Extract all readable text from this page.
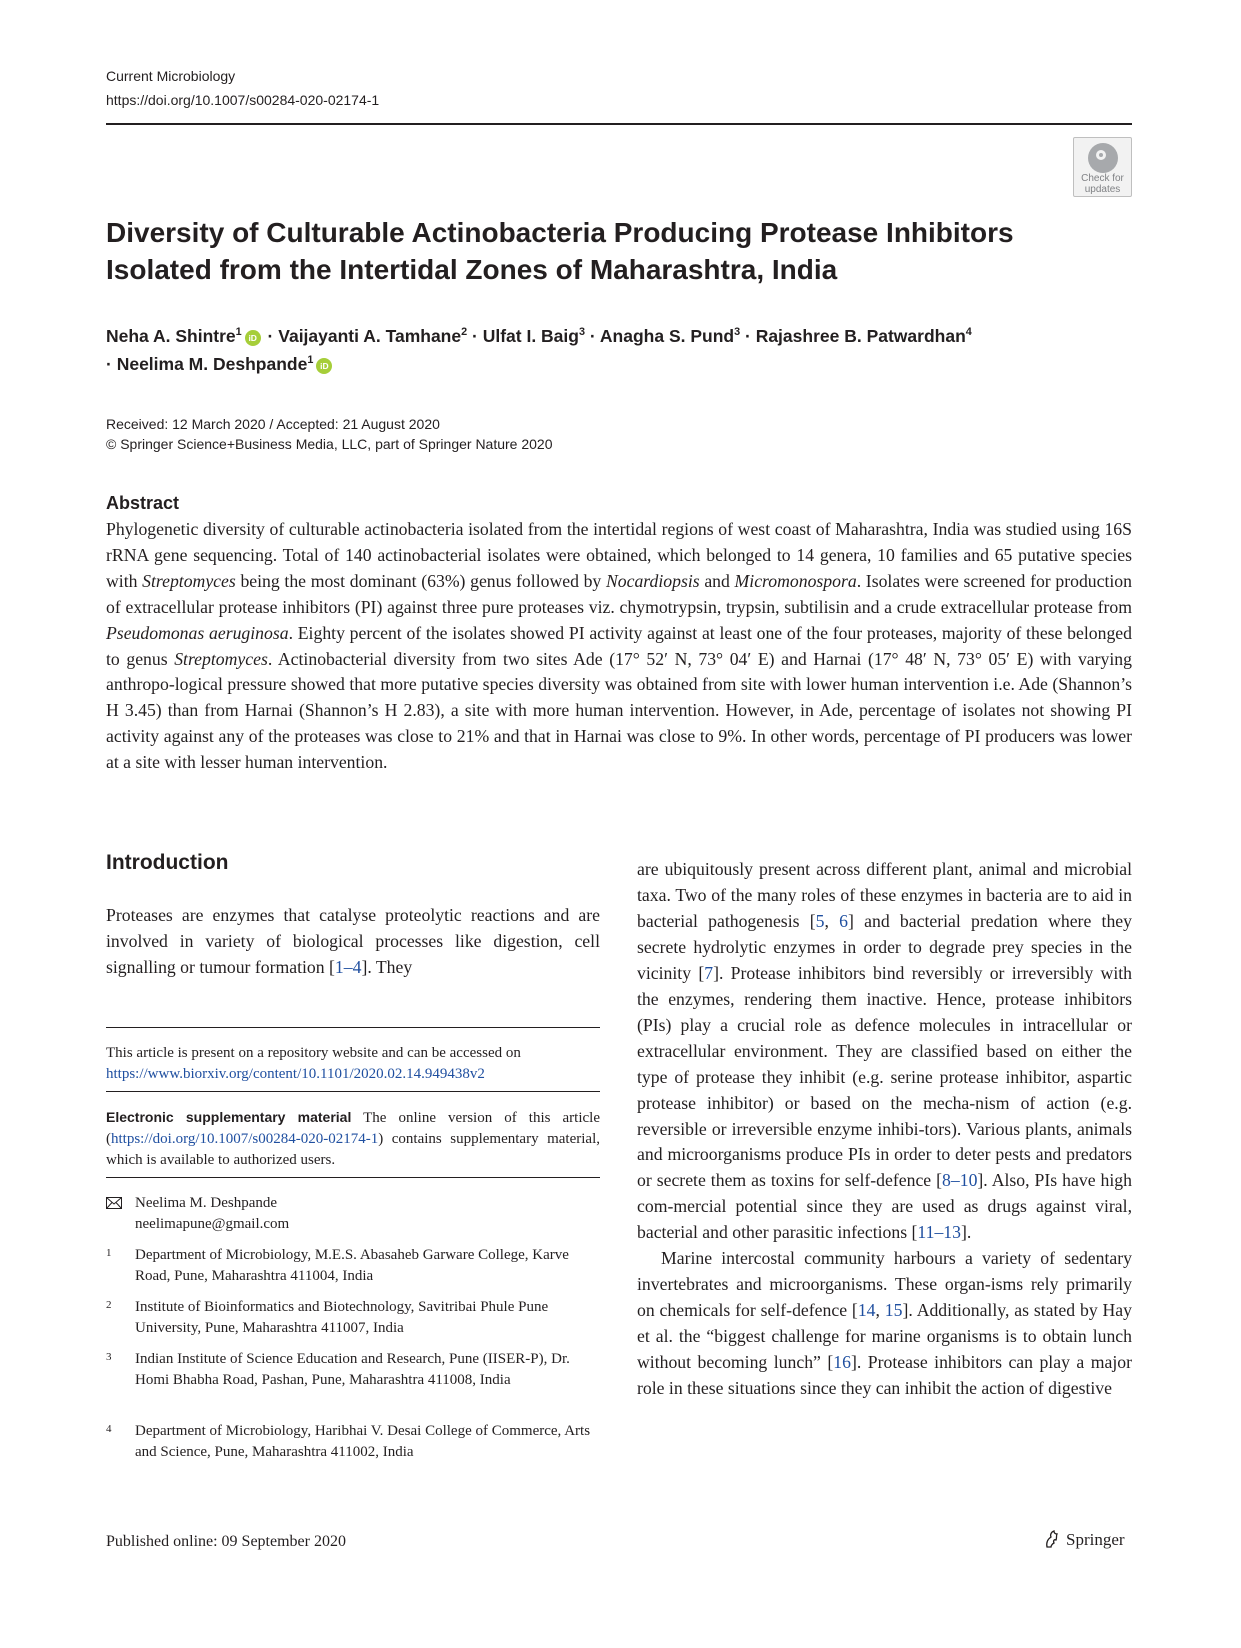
Current Microbiology
https://doi.org/10.1007/s00284-020-02174-1
Check for
updates
Diversity of Culturable Actinobacteria Producing Protease Inhibitors Isolated from the Intertidal Zones of Maharashtra, India
Neha A. Shintre$^1$ iD · Vaijayanti A. Tamhane$^2$ · Ulfat I. Baig$^3$ · Anagha S. Pund$^3$ · Rajashree B. Patwardhan$^4$
· Neelima M. Deshpande$^1$ iD
Received: 12 March 2020 / Accepted: 21 August 2020
© Springer Science+Business Media, LLC, part of Springer Nature 2020
Abstract

Phylogenetic diversity of culturable actinobacteria isolated from the intertidal regions of west coast of Maharashtra, India was studied using 16S rRNA gene sequencing. Total of 140 actinobacterial isolates were obtained, which belonged to 14 genera, 10 families and 65 putative species with Streptomyces being the most dominant (63%) genus followed by Nocardiopsis and Micromonospora. Isolates were screened for production of extracellular protease inhibitors (PI) against three pure proteases viz. chymotrypsin, trypsin, subtilisin and a crude extracellular protease from Pseudomonas aeruginosa. Eighty percent of the isolates showed PI activity against at least one of the four proteases, majority of these belonged to genus Streptomyces. Actinobacterial diversity from two sites Ade (17° 52′ N, 73° 04′ E) and Harnai (17° 48′ N, 73° 05′ E) with varying anthropo-logical pressure showed that more putative species diversity was obtained from site with lower human intervention i.e. Ade (Shannon’s H 3.45) than from Harnai (Shannon’s H 2.83), a site with more human intervention. However, in Ade, percentage of isolates not showing PI activity against any of the proteases was close to 21% and that in Harnai was close to 9%. In other words, percentage of PI producers was lower at a site with lesser human intervention.

Introduction

Proteases are enzymes that catalyse proteolytic reactions and are involved in variety of biological processes like digestion, cell signalling or tumour formation [1–4]. They

are ubiquitously present across different plant, animal and microbial taxa. Two of the many roles of these enzymes in bacteria are to aid in bacterial pathogenesis [5, 6] and bacterial predation where they secrete hydrolytic enzymes in order to degrade prey species in the vicinity [7]. Protease inhibitors bind reversibly or irreversibly with the enzymes, rendering them inactive. Hence, protease inhibitors (PIs) play a crucial role as defence molecules in intracellular or extracellular environment. They are classified based on either the type of protease they inhibit (e.g. serine protease inhibitor, aspartic protease inhibitor) or based on the mecha-nism of action (e.g. reversible or irreversible enzyme inhibi-tors). Various plants, animals and microorganisms produce PIs in order to deter pests and predators or secrete them as toxins for self-defence [8–10]. Also, PIs have high com-mercial potential since they are used as drugs against viral, bacterial and other parasitic infections [11–13].

Marine intercostal community harbours a variety of sedentary invertebrates and microorganisms. These organ-isms rely primarily on chemicals for self-defence [14, 15]. Additionally, as stated by Hay et al. the “biggest challenge for marine organisms is to obtain lunch without becoming lunch” [16]. Protease inhibitors can play a major role in these situations since they can inhibit the action of digestive

This article is present on a repository website and can be accessed on https://www.biorxiv.org/content/10.1101/2020.02.14.949438v2
Electronic supplementary material The online version of this article (https://doi.org/10.1007/s00284-020-02174-1) contains supplementary material, which is available to authorized users.
Neelima M. Deshpande
neelimapune@gmail.com
1 Department of Microbiology, M.E.S. Abasaheb Garware College, Karve Road, Pune, Maharashtra 411004, India
2 Institute of Bioinformatics and Biotechnology, Savitribai Phule Pune University, Pune, Maharashtra 411007, India
3 Indian Institute of Science Education and Research, Pune (IISER-P), Dr. Homi Bhabha Road, Pashan, Pune, Maharashtra 411008, India
4 Department of Microbiology, Haribhai V. Desai College of Commerce, Arts and Science, Pune, Maharashtra 411002, India
Published online: 09 September 2020	Springer
